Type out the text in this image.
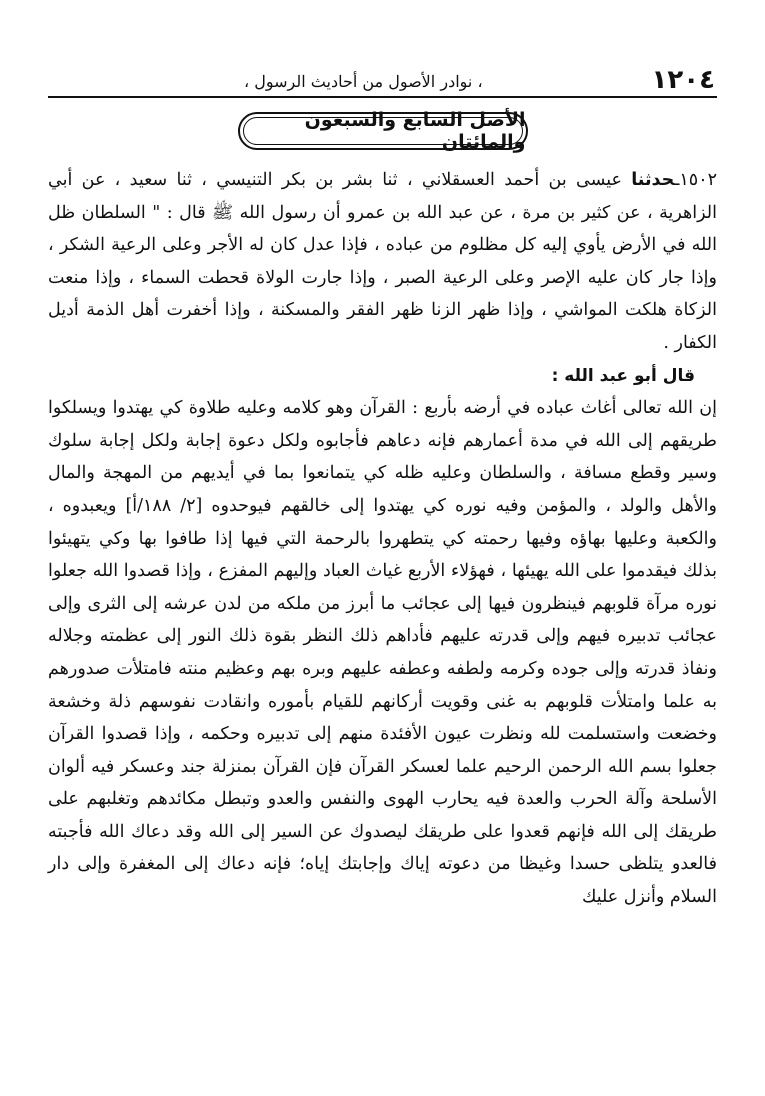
١٢٠٤
، نوادر الأصول من أحاديث الرسول ،
الأصل السابع والسبعون والمائتان

١٥٠٢ـحدثنا عيسى بن أحمد العسقلاني ، ثنا بشر بن بكر التنيسي ، ثنا سعيد ، عن أبي الزاهرية ، عن كثير بن مرة ، عن عبد الله بن عمرو أن رسول الله ﷺ قال : " السلطان ظل الله في الأرض يأوي إليه كل مظلوم من عباده ، فإذا عدل كان له الأجر وعلى الرعية الشكر ، وإذا جار كان عليه الإصر وعلى الرعية الصبر ، وإذا جارت الولاة قحطت السماء ، وإذا منعت الزكاة هلكت المواشي ، وإذا ظهر الزنا ظهر الفقر والمسكنة ، وإذا أخفرت أهل الذمة أديل الكفار .

قال أبو عبد الله :

إن الله تعالى أغاث عباده في أرضه بأربع : القرآن وهو كلامه وعليه طلاوة كي يهتدوا ويسلكوا طريقهم إلى الله في مدة أعمارهم فإنه دعاهم فأجابوه ولكل دعوة إجابة ولكل إجابة سلوك وسير وقطع مسافة ، والسلطان وعليه ظله كي يتمانعوا بما في أيديهم من المهجة والمال والأهل والولد ، والمؤمن وفيه نوره كي يهتدوا إلى خالقهم فيوحدوه [٢/ ١٨٨/أ] ويعبدوه ، والكعبة وعليها بهاؤه وفيها رحمته كي يتطهروا بالرحمة التي فيها إذا طافوا بها وكي يتهيئوا بذلك فيقدموا على الله يهيئها ، فهؤلاء الأربع غياث العباد وإليهم المفزع ، وإذا قصدوا الله جعلوا نوره مرآة قلوبهم فينظرون فيها إلى عجائب ما أبرز من ملكه من لدن عرشه إلى الثرى وإلى عجائب تدبيره فيهم وإلى قدرته عليهم فأداهم ذلك النظر بقوة ذلك النور إلى عظمته وجلاله ونفاذ قدرته وإلى جوده وكرمه ولطفه وعطفه عليهم وبره بهم وعظيم منته فامتلأت صدورهم به علما وامتلأت قلوبهم به غنى وقويت أركانهم للقيام بأموره وانقادت نفوسهم ذلة وخشعة وخضعت واستسلمت لله ونظرت عيون الأفئدة منهم إلى تدبيره وحكمه ، وإذا قصدوا القرآن جعلوا بسم الله الرحمن الرحيم علما لعسكر القرآن فإن القرآن بمنزلة جند وعسكر فيه ألوان الأسلحة وآلة الحرب والعدة فيه يحارب الهوى والنفس والعدو وتبطل مكائدهم وتغلبهم على طريقك إلى الله فإنهم قعدوا على طريقك ليصدوك عن السير إلى الله وقد دعاك الله فأجبته فالعدو يتلظى حسدا وغيظا من دعوته إياك وإجابتك إياه؛ فإنه دعاك إلى المغفرة وإلى دار السلام وأنزل عليك
